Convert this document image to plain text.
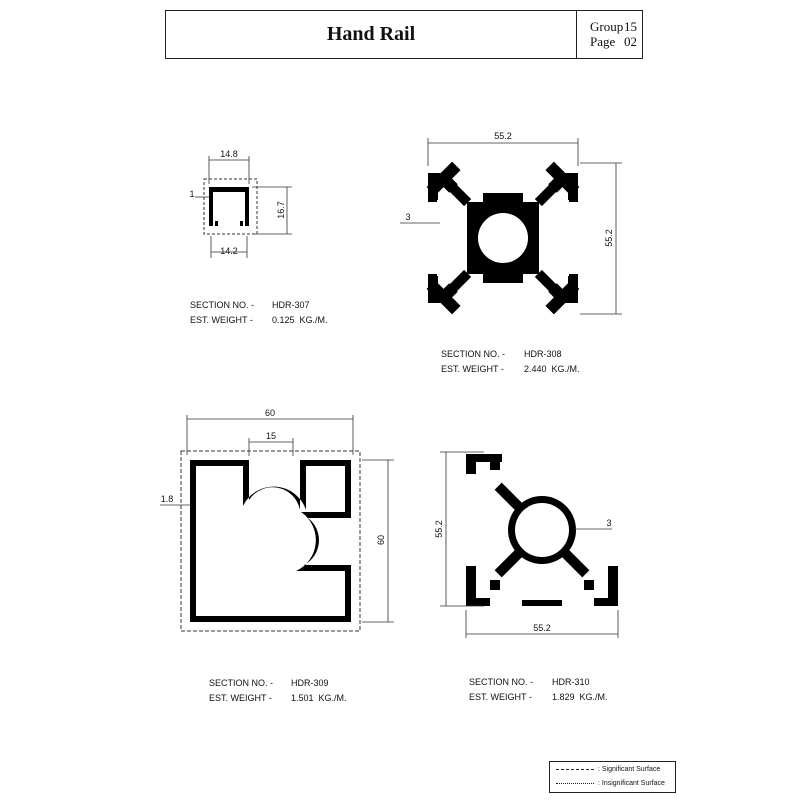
Hand Rail	Group15
Page 02
14.8
14.2
1
16.7
55.2
55.2
3
60
15
1.8
60
55.2
55.2
3
SECTION NO. - HDR-307
EST. WEIGHT - 0.125  KG./M.
SECTION NO. - HDR-308
EST. WEIGHT - 2.440  KG./M.
SECTION NO. - HDR-309
EST. WEIGHT - 1.501  KG./M.
SECTION NO. - HDR-310
EST. WEIGHT - 1.829  KG./M.
: Significant Surface
: Insignificant Surface
